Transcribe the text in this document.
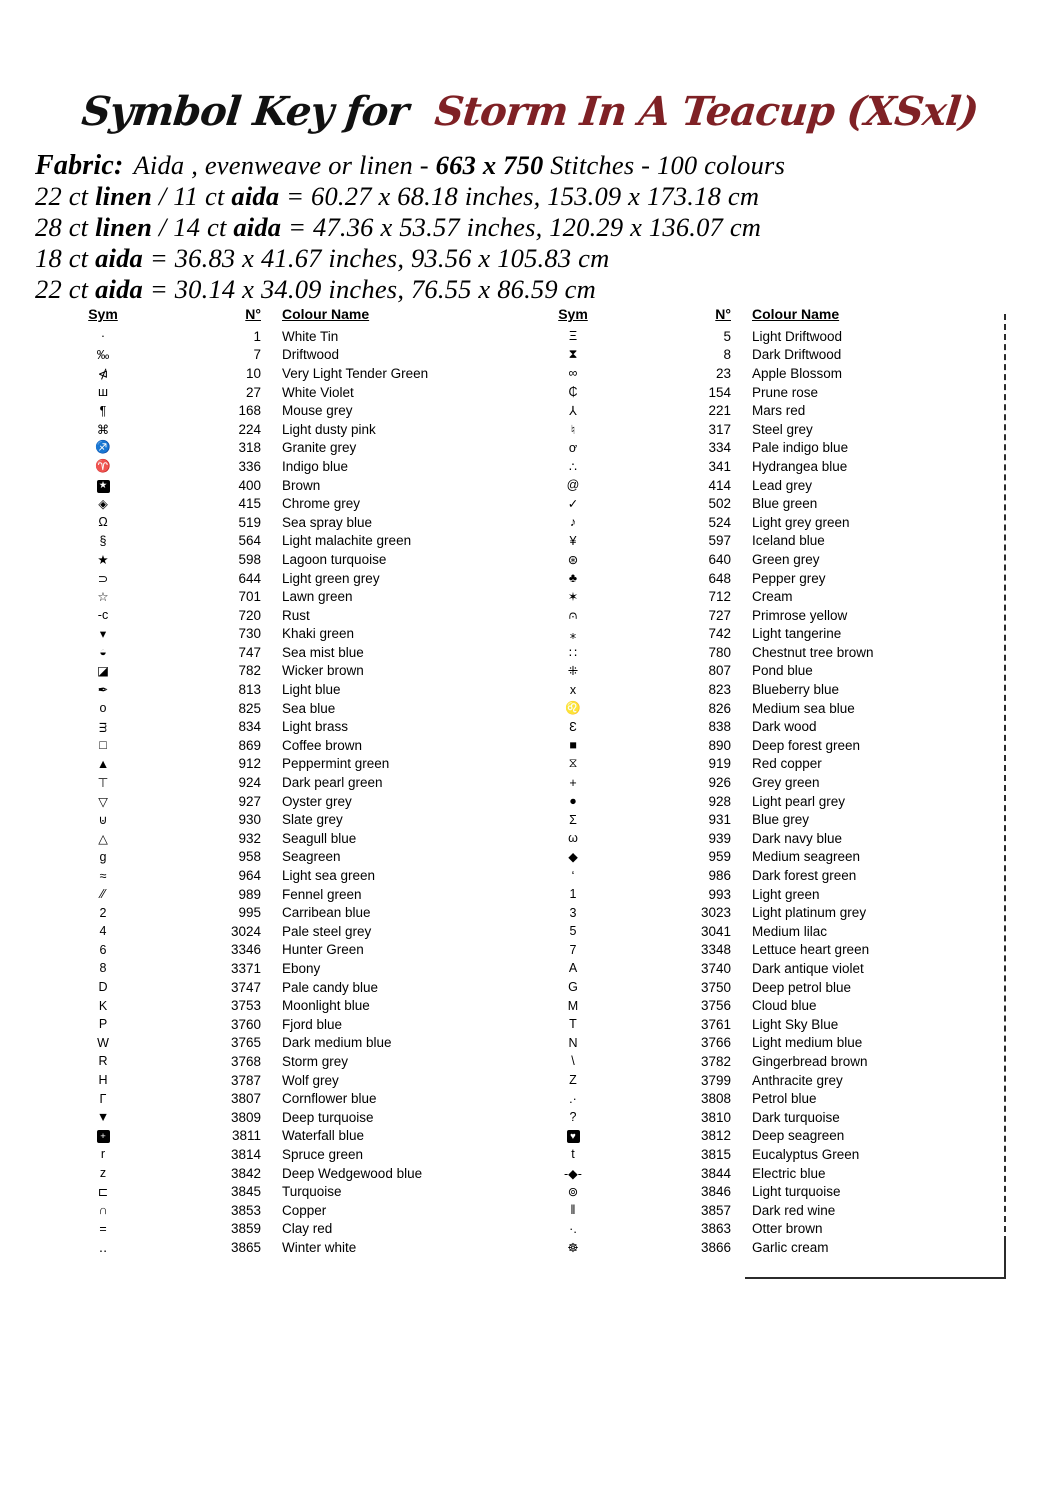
Symbol Key for Storm In A Teacup (XSxl)
Fabric: Aida , evenweave or linen - 663 x 750 Stitches - 100 colours
22 ct linen / 11 ct aida = 60.27 x 68.18 inches, 153.09 x 173.18 cm
28 ct linen / 14 ct aida = 47.36 x 53.57 inches, 120.29 x 136.07 cm
18 ct aida = 36.83 x 41.67 inches, 93.56 x 105.83 cm
22 ct aida = 30.14 x 34.09 inches, 76.55 x 86.59 cm
Sym	N°	Colour Name
·	1	White Tin
‰	7	Driftwood
⋪	10	Very Light Tender Green
ш	27	White Violet
¶	168	Mouse grey
⌘	224	Light dusty pink
♐	318	Granite grey
♈	336	Indigo blue
★	400	Brown
◈	415	Chrome grey
Ω	519	Sea spray blue
§	564	Light malachite green
★	598	Lagoon turquoise
⊃	644	Light green grey
☆	701	Lawn green
-c	720	Rust
▾	730	Khaki green
◒	747	Sea mist blue
◪	782	Wicker brown
✒	813	Light blue
o	825	Sea blue
ᴟ	834	Light brass
□	869	Coffee brown
▲	912	Peppermint green
⊤	924	Dark pearl green
▽	927	Oyster grey
⊍	930	Slate grey
△	932	Seagull blue
g	958	Seagreen
≈	964	Light sea green
⁄⁄	989	Fennel green
2	995	Carribean blue
4	3024	Pale steel grey
6	3346	Hunter Green
8	3371	Ebony
D	3747	Pale candy blue
K	3753	Moonlight blue
P	3760	Fjord blue
W	3765	Dark medium blue
R	3768	Storm grey
H	3787	Wolf grey
Γ	3807	Cornflower blue
▼	3809	Deep turquoise
+	3811	Waterfall blue
r	3814	Spruce green
z	3842	Deep Wedgewood blue
⊏	3845	Turquoise
∩	3853	Copper
=	3859	Clay red
‥	3865	Winter white
Sym	N°	Colour Name
Ξ	5	Light Driftwood
⧗	8	Dark Driftwood
∞	23	Apple Blossom
₵	154	Prune rose
⅄	221	Mars red
♮	317	Steel grey
ơ	334	Pale indigo blue
∴	341	Hydrangea blue
@	414	Lead grey
✓	502	Blue green
♪	524	Light grey green
¥	597	Iceland blue
⊛	640	Green grey
♣	648	Pepper grey
✶	712	Cream
⩀	727	Primrose yellow
⁎	742	Light tangerine
∷	780	Chestnut tree brown
⁜	807	Pond blue
x	823	Blueberry blue
♌	826	Medium sea blue
Ɛ	838	Dark wood
■	890	Deep forest green
⧖	919	Red copper
+	926	Grey green
●	928	Light pearl grey
Σ	931	Blue grey
ω	939	Dark navy blue
◆	959	Medium seagreen
‘	986	Dark forest green
1	993	Light green
3	3023	Light platinum grey
5	3041	Medium lilac
7	3348	Lettuce heart green
A	3740	Dark antique violet
G	3750	Deep petrol blue
M	3756	Cloud blue
T	3761	Light Sky Blue
N	3766	Light medium blue
\	3782	Gingerbread brown
Z	3799	Anthracite grey
.·	3808	Petrol blue
?	3810	Dark turquoise
♥	3812	Deep seagreen
t	3815	Eucalyptus Green
-◆-	3844	Electric blue
⊚	3846	Light turquoise
‖	3857	Dark red wine
·.	3863	Otter brown
☸	3866	Garlic cream
